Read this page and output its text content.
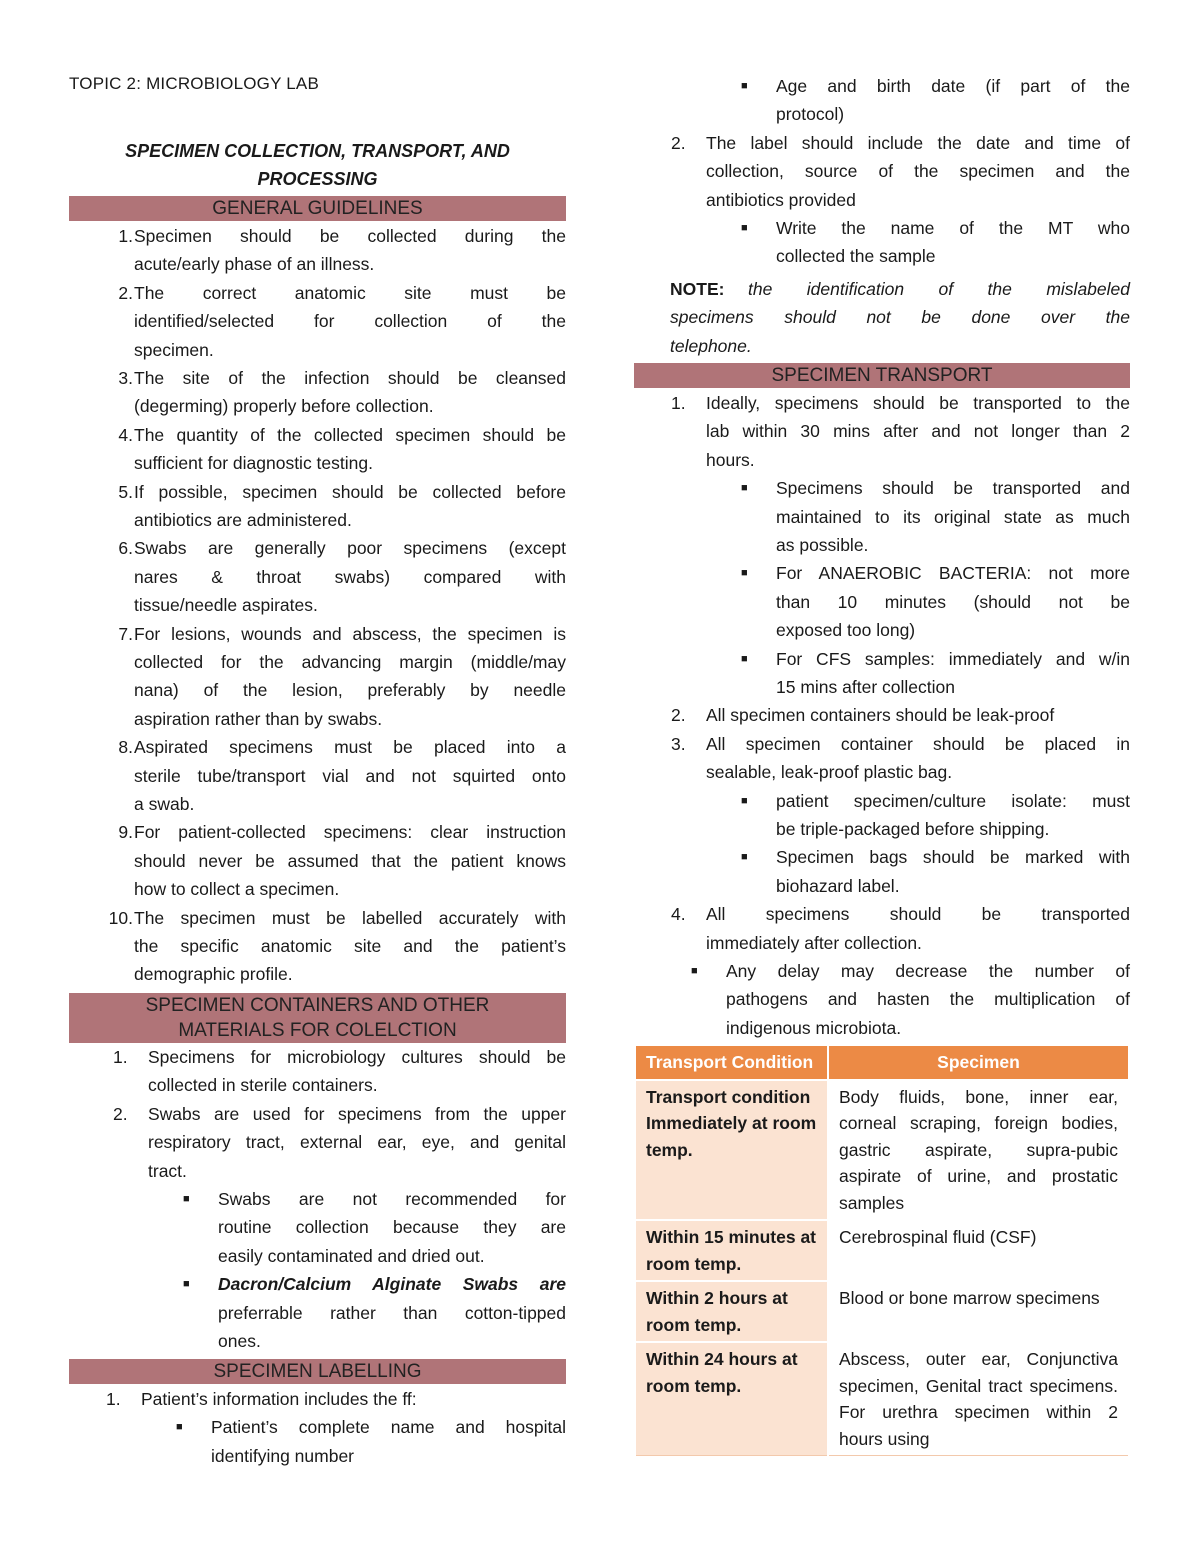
TOPIC 2: MICROBIOLOGY LAB
SPECIMEN COLLECTION, TRANSPORT, AND
PROCESSING
GENERAL GUIDELINES
1. Specimen should be collected during the
acute/early phase of an illness.
2. The correct anatomic site must be
identified/selected for collection of the
specimen.
3. The site of the infection should be cleansed
(degerming) properly before collection.
4. The quantity of the collected specimen should be
sufficient for diagnostic testing.
5. If possible, specimen should be collected before
antibiotics are administered.
6. Swabs are generally poor specimens (except
nares & throat swabs) compared with
tissue/needle aspirates.
7. For lesions, wounds and abscess, the specimen is
collected for the advancing margin (middle/may
nana) of the lesion, preferably by needle
aspiration rather than by swabs.
8. Aspirated specimens must be placed into a
sterile tube/transport vial and not squirted onto
a swab.
9. For patient-collected specimens: clear instruction
should never be assumed that the patient knows
how to collect a specimen.
10. The specimen must be labelled accurately with
the specific anatomic site and the patient’s
demographic profile.
SPECIMEN CONTAINERS AND OTHER
MATERIALS FOR COLELCTION
1. Specimens for microbiology cultures should be
collected in sterile containers.
2. Swabs are used for specimens from the upper
respiratory tract, external ear, eye, and genital
tract.
■ Swabs are not recommended for
routine collection because they are
easily contaminated and dried out.
■ Dacron/Calcium Alginate Swabs are
preferrable rather than cotton-tipped
ones.
SPECIMEN LABELLING
1. Patient’s information includes the ff:
■ Patient’s complete name and hospital
identifying number
■ Age and birth date (if part of the
protocol)
2. The label should include the date and time of
collection, source of the specimen and the
antibiotics provided
■ Write the name of the MT who
collected the sample
NOTE:	the identification of the mislabeled
specimens should not be done over the
telephone.
SPECIMEN TRANSPORT
1. Ideally, specimens should be transported to the
lab within 30 mins after and not longer than 2
hours.
■ Specimens should be transported and
maintained to its original state as much
as possible.
■ For ANAEROBIC BACTERIA: not more
than 10 minutes (should not be
exposed too long)
■ For CFS samples: immediately and w/in
15 mins after collection
2. All specimen containers should be leak-proof
3. All specimen container should be placed in
sealable, leak-proof plastic bag.
■ patient specimen/culture isolate: must
be triple-packaged before shipping.
■ Specimen bags should be marked with
biohazard label.
4. All specimens should be transported
immediately after collection.
■ Any delay may decrease the number of
pathogens and hasten the multiplication of
indigenous microbiota.
Transport Condition	Specimen
Transport condition Immediately at room temp.	Body fluids, bone, inner ear, corneal scraping, foreign bodies, gastric aspirate, supra-pubic aspirate of urine, and prostatic samples
Within 15 minutes at room temp.	Cerebrospinal fluid (CSF)
Within 2 hours at room temp.	Blood or bone marrow specimens
Within 24 hours at room temp.	Abscess, outer ear, Conjunctiva specimen, Genital tract specimens. For urethra specimen within 2 hours using
